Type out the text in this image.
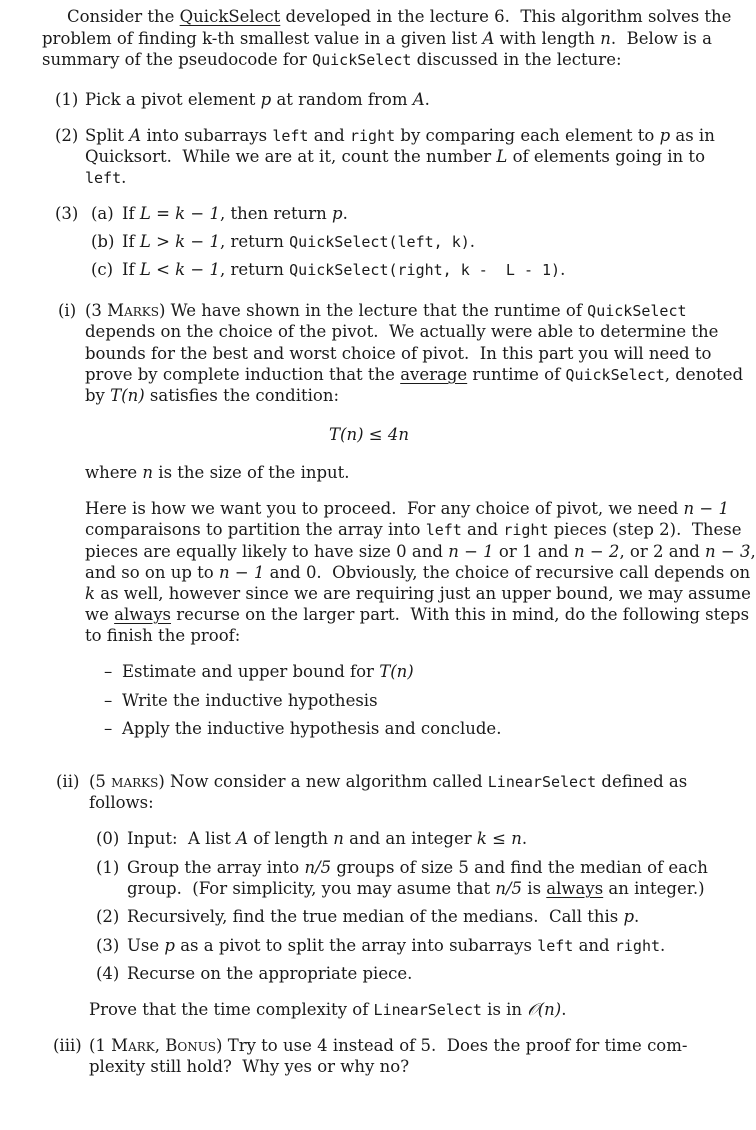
Consider the QuickSelect developed in the lecture 6.  This algorithm solves the
problem of finding k-th smallest value in a given list A with length n.  Below is a
summary of the pseudocode for QuickSelect discussed in the lecture:
(1) Pick a pivot element p at random from A.
(2) Split A into subarrays left and right by comparing each element to p as in
Quicksort.  While we are at it, count the number L of elements going in to
left.
(3) (a) If L = k − 1, then return p.
(b) If L > k − 1, return QuickSelect(left, k).
(c) If L < k − 1, return QuickSelect(right, k -  L - 1).
(i) (3 Marks) We have shown in the lecture that the runtime of QuickSelect
depends on the choice of the pivot.  We actually were able to determine the
bounds for the best and worst choice of pivot.  In this part you will need to
prove by complete induction that the average runtime of QuickSelect, denoted
by T(n) satisfies the condition:
T(n) ≤ 4n
where n is the size of the input.
Here is how we want you to proceed.  For any choice of pivot, we need n − 1
comparaisons to partition the array into left and right pieces (step 2).  These
pieces are equally likely to have size 0 and n − 1 or 1 and n − 2, or 2 and n − 3,
and so on up to n − 1 and 0.  Obviously, the choice of recursive call depends on
k as well, however since we are requiring just an upper bound, we may assume
we always recurse on the larger part.  With this in mind, do the following steps
to finish the proof:
– Estimate and upper bound for T(n)
– Write the inductive hypothesis
– Apply the inductive hypothesis and conclude.
(ii) (5 marks) Now consider a new algorithm called LinearSelect defined as
follows:
(0) Input:  A list A of length n and an integer k ≤ n.
(1) Group the array into n/5 groups of size 5 and find the median of each
group.  (For simplicity, you may asume that n/5 is always an integer.)
(2) Recursively, find the true median of the medians.  Call this p.
(3) Use p as a pivot to split the array into subarrays left and right.
(4) Recurse on the appropriate piece.
Prove that the time complexity of LinearSelect is in 𝒪(n).
(iii) (1 Mark, Bonus) Try to use 4 instead of 5.  Does the proof for time com-
plexity still hold?  Why yes or why no?
